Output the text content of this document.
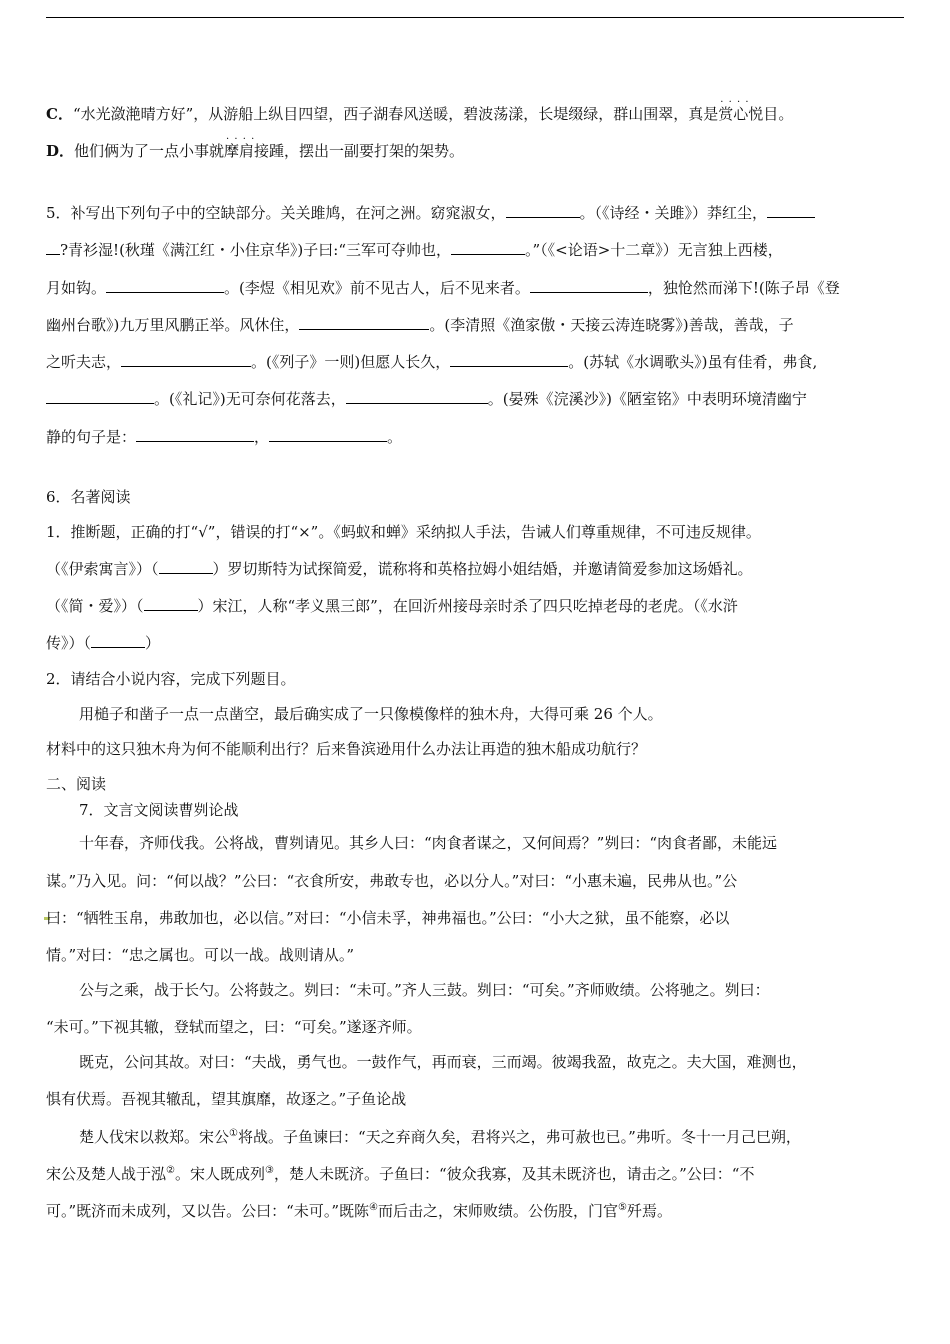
C．“水光潋滟晴方好”，从游船上纵目四望，西子湖春风送暖，碧波荡漾，长堤缀绿，群山围翠，真是· · · · 赏心悦目。
D．他们俩为了一点小事就· · · · 摩肩接踵，摆出一副要打架的架势。
5．补写出下列句子中的空缺部分。关关雎鸠，在河之洲。窈窕淑女，	。（《诗经・关雎》）莽红尘，
?青衫湿!(秋瑾《满江红・小住京华》)子曰:“三军可夺帅也，	。”（《<论语>十二章》）无言独上西楼，
月如钩。	。(李煜《相见欢》前不见古人，后不见来者。	，独怆然而涕下!(陈子昂《登
幽州台歌》)九万里风鹏正举。风休住，	。(李清照《渔家傲・天接云涛连晓雾》)善哉，善哉，子
之听夫志，	。(《列子》一则)但愿人长久，	。(苏轼《水调歌头》)虽有佳肴，弗食,
。(《礼记》)无可奈何花落去，	。(晏殊《浣溪沙》)《陋室铭》中表明环境清幽宁
静的句子是：	，	。
6．名著阅读
1．推断题，正确的打“√”，错误的打“×”。《蚂蚁和蝉》采纳拟人手法，告诫人们尊重规律，不可违反规律。
（《伊索寓言》）（	）罗切斯特为试探简爱，谎称将和英格拉姆小姐结婚，并邀请简爱参加这场婚礼。
（《简・爱》）（	）宋江，人称“孝义黑三郎”，在回沂州接母亲时杀了四只吃掉老母的老虎。（《水浒
传》）（	）
2．请结合小说内容，完成下列题目。
用槌子和凿子一点一点凿空，最后确实成了一只像模像样的独木舟，大得可乘 26 个人。
材料中的这只独木舟为何不能顺利出行？后来鲁滨逊用什么办法让再造的独木船成功航行？
二、阅读
7．文言文阅读曹刿论战
十年春，齐师伐我。公将战，曹刿请见。其乡人曰：“肉食者谋之，又何间焉？”刿曰：“肉食者鄙，未能远
谋。”乃入见。问：“何以战？”公曰：“衣食所安，弗敢专也，必以分人。”对曰：“小惠未遍，民弗从也。”公
曰：“牺牲玉帛，弗敢加也，必以信。”对曰：“小信未孚，神弗福也。”公曰：“小大之狱，虽不能察，必以
情。”对曰：“忠之属也。可以一战。战则请从。”
公与之乘，战于长勺。公将鼓之。刿曰：“未可。”齐人三鼓。刿曰：“可矣。”齐师败绩。公将驰之。刿曰：
“未可。”下视其辙，登轼而望之，曰：“可矣。”遂逐齐师。
既克，公问其故。对曰：“夫战，勇气也。一鼓作气，再而衰，三而竭。彼竭我盈，故克之。夫大国，难测也，
惧有伏焉。吾视其辙乱，望其旗靡，故逐之。”子鱼论战
楚人伐宋以救郑。宋公①将战。子鱼谏曰：“天之弃商久矣，君将兴之，弗可赦也已。”弗听。冬十一月己巳朔，
宋公及楚人战于泓②。宋人既成列③，楚人未既济。子鱼曰：“彼众我寡，及其未既济也，请击之。”公曰：“不
可。”既济而未成列，又以告。公曰：“未可。”既陈④而后击之，宋师败绩。公伤股，门官⑤歼焉。
